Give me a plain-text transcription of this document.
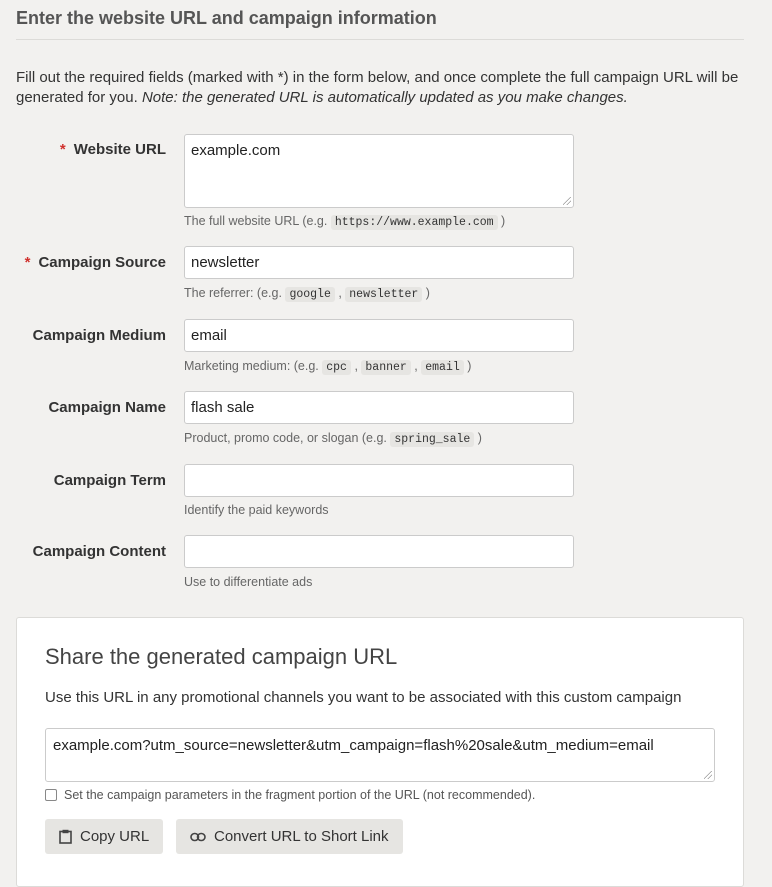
Enter the website URL and campaign information
Fill out the required fields (marked with *) in the form below, and once complete the full campaign URL will be generated for you. Note: the generated URL is automatically updated as you make changes.
* Website URL	example.com
The full website URL (e.g. https://www.example.com )
* Campaign Source	newsletter
The referrer: (e.g. google , newsletter )
Campaign Medium	email
Marketing medium: (e.g. cpc , banner , email )
Campaign Name	flash sale
Product, promo code, or slogan (e.g. spring_sale )
Campaign Term
Identify the paid keywords
Campaign Content
Use to differentiate ads
Share the generated campaign URL
Use this URL in any promotional channels you want to be associated with this custom campaign
example.com?utm_source=newsletter&utm_campaign=flash%20sale&utm_medium=email
Set the campaign parameters in the fragment portion of the URL (not recommended).
Copy URL	Convert URL to Short Link
